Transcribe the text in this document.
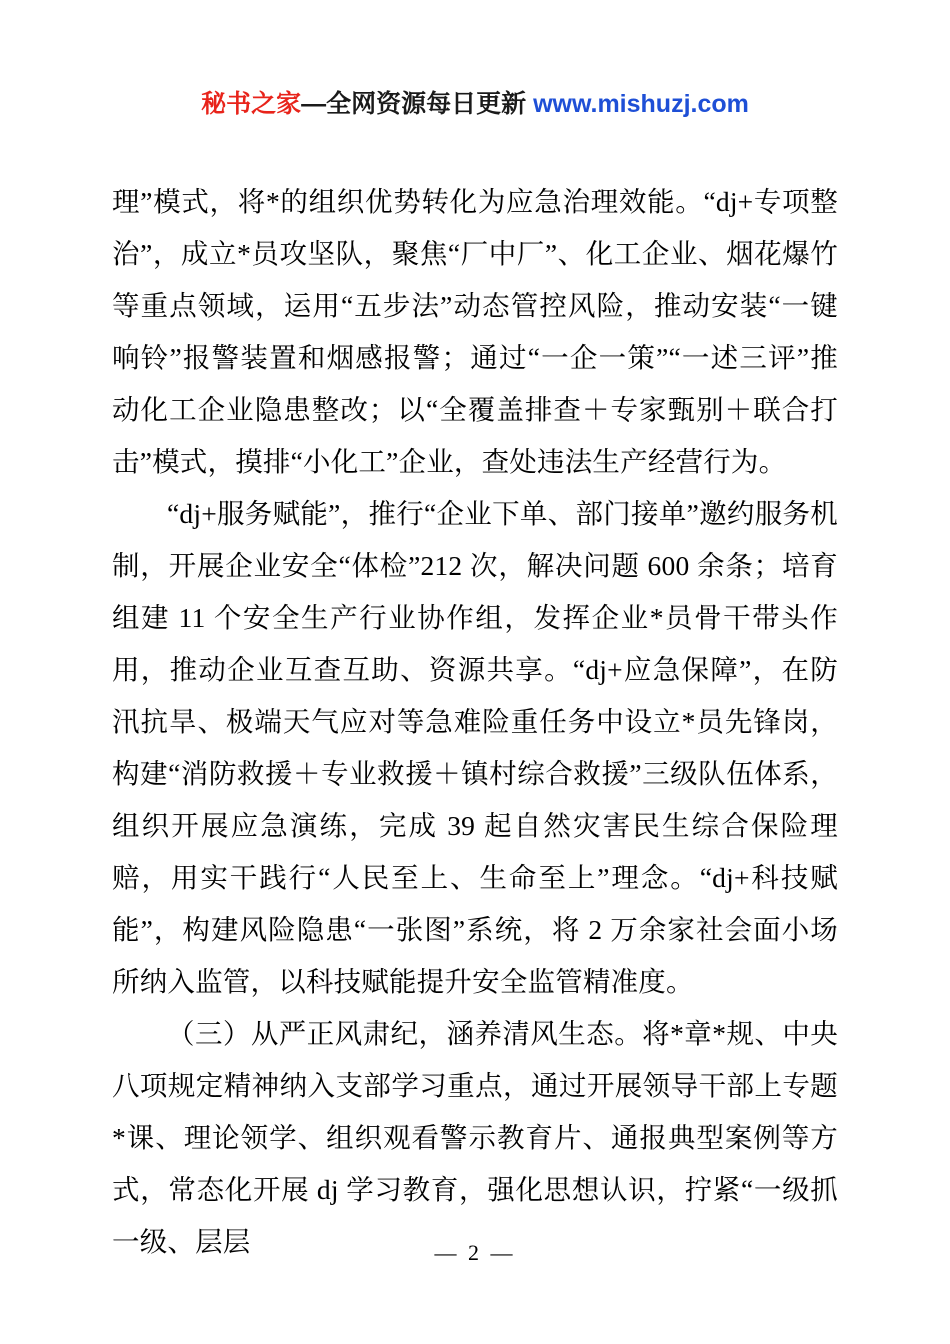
秘书之家—全网资源每日更新 www.mishuzj.com

理”模式，将*的组织优势转化为应急治理效能。“dj+专项整治”，成立*员攻坚队，聚焦“厂中厂”、化工企业、烟花爆竹等重点领域，运用“五步法”动态管控风险，推动安装“一键响铃”报警装置和烟感报警；通过“一企一策”“一述三评”推动化工企业隐患整改；以“全覆盖排查＋专家甄别＋联合打击”模式，摸排“小化工”企业，查处违法生产经营行为。

“dj+服务赋能”，推行“企业下单、部门接单”邀约服务机制，开展企业安全“体检”212 次，解决问题 600 余条；培育组建 11 个安全生产行业协作组，发挥企业*员骨干带头作用，推动企业互查互助、资源共享。“dj+应急保障”，在防汛抗旱、极端天气应对等急难险重任务中设立*员先锋岗，构建“消防救援＋专业救援＋镇村综合救援”三级队伍体系，组织开展应急演练，完成 39 起自然灾害民生综合保险理赔，用实干践行“人民至上、生命至上”理念。“dj+科技赋能”，构建风险隐患“一张图”系统，将 2 万余家社会面小场所纳入监管，以科技赋能提升安全监管精准度。

（三）从严正风肃纪，涵养清风生态。将*章*规、中央八项规定精神纳入支部学习重点，通过开展领导干部上专题*课、理论领学、组织观看警示教育片、通报典型案例等方式，常态化开展 dj 学习教育，强化思想认识，拧紧“一级抓一级、层层	— 2 —
